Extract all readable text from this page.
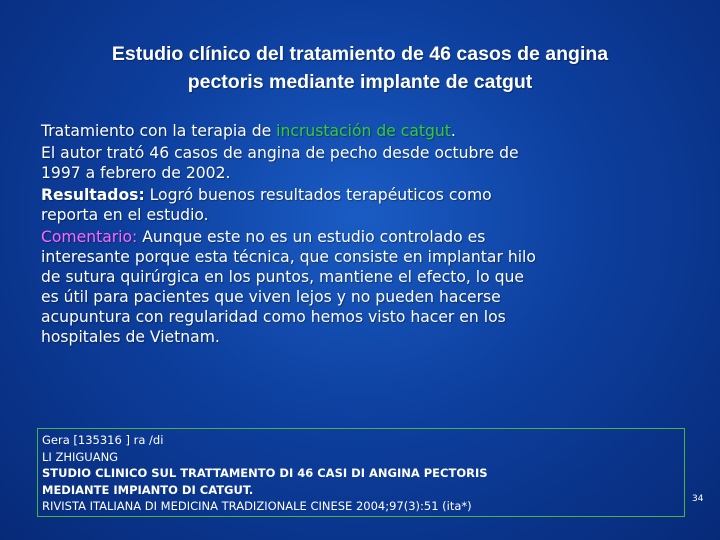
Estudio clínico del tratamiento de 46 casos de angina
pectoris mediante implante de catgut

Tratamiento con la terapia de incrustación de catgut.

El autor trató 46 casos de angina de pecho desde octubre de
1997 a febrero de 2002.

Resultados: Logró buenos resultados terapéuticos como
reporta en el estudio.

Comentario: Aunque este no es un estudio controlado es
interesante porque esta técnica, que consiste en implantar hilo
de sutura quirúrgica en los puntos, mantiene el efecto, lo que
es útil para pacientes que viven lejos y no pueden hacerse
acupuntura con regularidad como hemos visto hacer en los
hospitales de Vietnam.

Gera [135316 ] ra /di
LI ZHIGUANG
STUDIO CLINICO SUL TRATTAMENTO DI 46 CASI DI ANGINA PECTORIS
MEDIANTE IMPIANTO DI CATGUT.
RIVISTA ITALIANA DI MEDICINA TRADIZIONALE CINESE 2004;97(3):51 (ita*)	34
